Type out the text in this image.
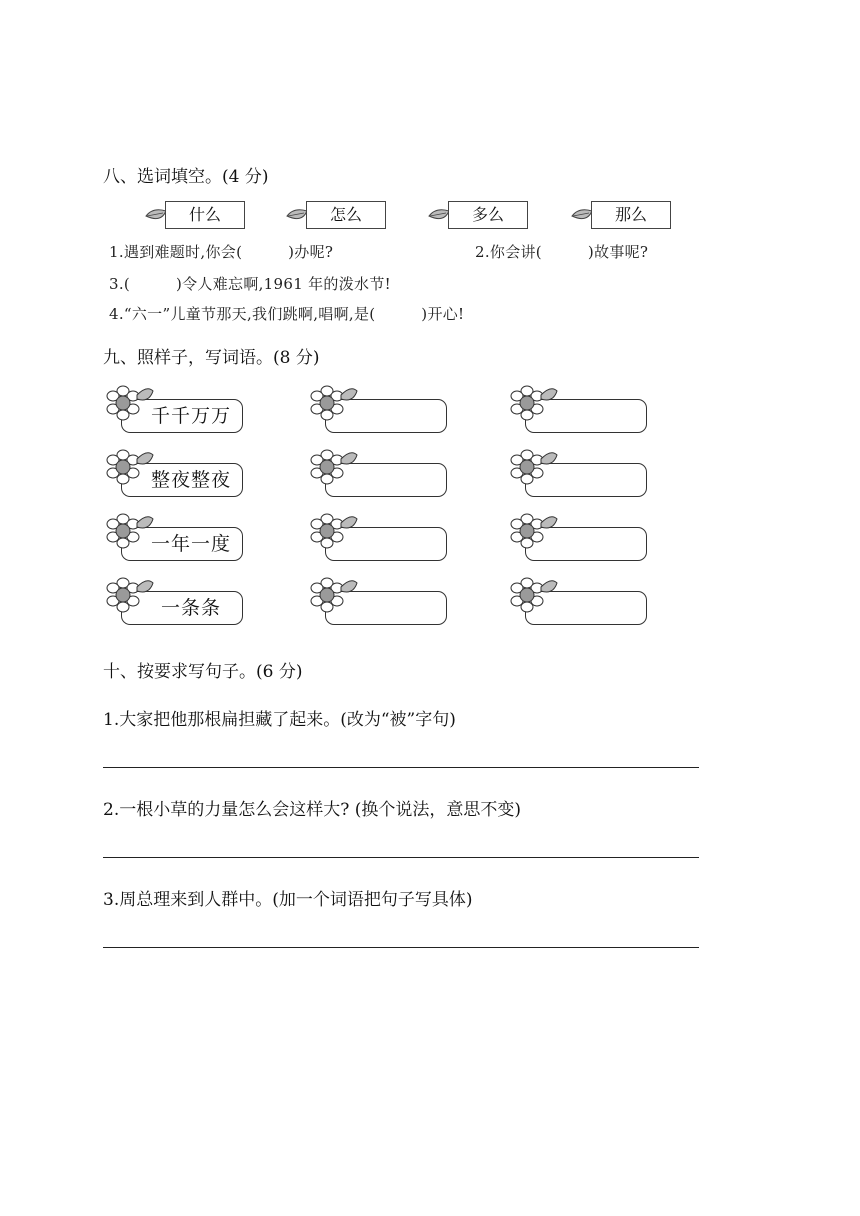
八、选词填空。(4 分)
什么	怎么	多么	那么
1.遇到难题时,你会(　　　)办呢?	2.你会讲(　　　)故事呢?
3.(　　　)令人难忘啊,1961 年的泼水节!
4.“六一”儿童节那天,我们跳啊,唱啊,是(　　　)开心!
九、照样子，写词语。(8 分)
千千万万
整夜整夜
一年一度
一条条
十、按要求写句子。(6 分)
1.大家把他那根扁担藏了起来。(改为“被”字句)
2.一根小草的力量怎么会这样大? (换个说法，意思不变)
3.周总理来到人群中。(加一个词语把句子写具体)
